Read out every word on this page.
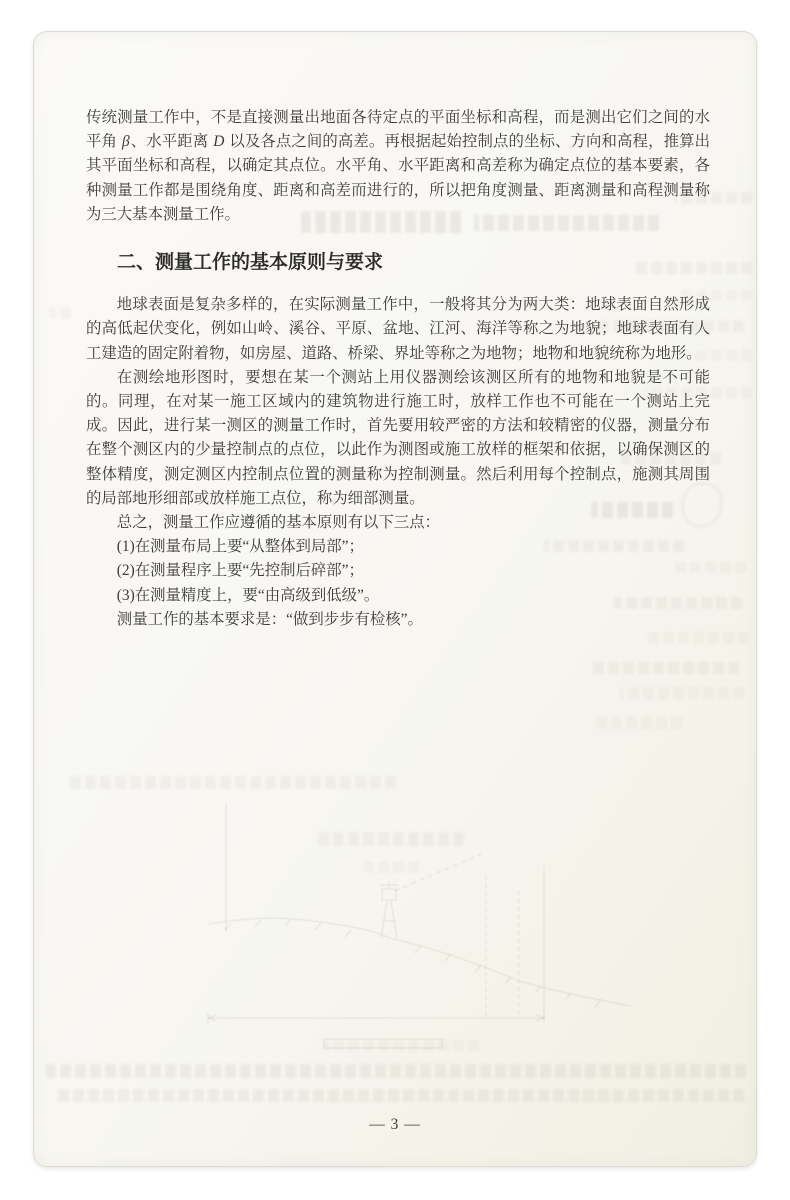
传统测量工作中，不是直接测量出地面各待定点的平面坐标和高程，而是测出它们之间的水平角 β、水平距离 D 以及各点之间的高差。再根据起始控制点的坐标、方向和高程，推算出其平面坐标和高程，以确定其点位。水平角、水平距离和高差称为确定点位的基本要素，各种测量工作都是围绕角度、距离和高差而进行的，所以把角度测量、距离测量和高程测量称为三大基本测量工作。

二、测量工作的基本原则与要求

地球表面是复杂多样的，在实际测量工作中，一般将其分为两大类：地球表面自然形成的高低起伏变化，例如山岭、溪谷、平原、盆地、江河、海洋等称之为地貌；地球表面有人工建造的固定附着物，如房屋、道路、桥梁、界址等称之为地物；地物和地貌统称为地形。

在测绘地形图时，要想在某一个测站上用仪器测绘该测区所有的地物和地貌是不可能的。同理，在对某一施工区域内的建筑物进行施工时，放样工作也不可能在一个测站上完成。因此，进行某一测区的测量工作时，首先要用较严密的方法和较精密的仪器，测量分布在整个测区内的少量控制点的点位，以此作为测图或施工放样的框架和依据，以确保测区的整体精度，测定测区内控制点位置的测量称为控制测量。然后利用每个控制点，施测其周围的局部地形细部或放样施工点位，称为细部测量。

总之，测量工作应遵循的基本原则有以下三点：

(1)在测量布局上要“从整体到局部”；

(2)在测量程序上要“先控制后碎部”；

(3)在测量精度上，要“由高级到低级”。

测量工作的基本要求是：“做到步步有检核”。

— 3 —
